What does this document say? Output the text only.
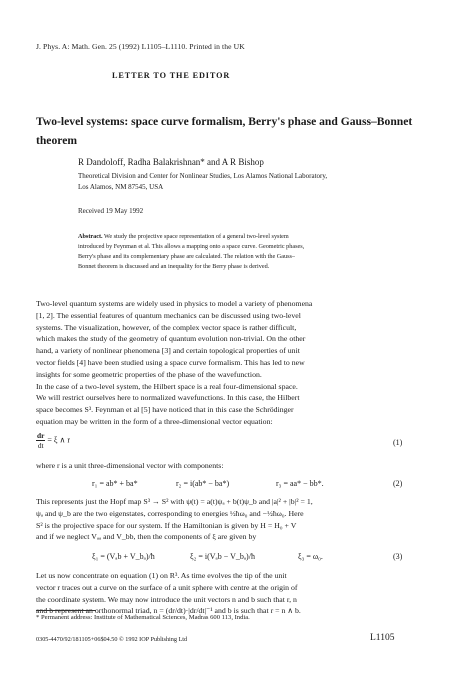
J. Phys. A: Math. Gen. 25 (1992) L1105–L1110. Printed in the UK
LETTER TO THE EDITOR
Two-level systems: space curve formalism, Berry's phase and Gauss–Bonnet theorem
R Dandoloff, Radha Balakrishnan* and A R Bishop
Theoretical Division and Center for Nonlinear Studies, Los Alamos National Laboratory,
Los Alamos, NM 87545, USA
Received 19 May 1992
Abstract. We study the projective space representation of a general two-level system
introduced by Feynman et al. This allows a mapping onto a space curve. Geometric phases,
Berry's phase and its complementary phase are calculated. The relation with the Gauss–
Bonnet theorem is discussed and an inequality for the Berry phase is derived.
Two-level quantum systems are widely used in physics to model a variety of phenomena
[1, 2]. The essential features of quantum mechanics can be discussed using two-level
systems. The visualization, however, of the complex vector space is rather difficult,
which makes the study of the geometry of quantum evolution non-trivial. On the other
hand, a variety of nonlinear phenomena [3] and certain topological properties of unit
vector fields [4] have been studied using a space curve formalism. This has led to new
insights for some geometric properties of the phase of the wavefunction.
In the case of a two-level system, the Hilbert space is a real four-dimensional space.
We will restrict ourselves here to normalized wavefunctions. In this case, the Hilbert
space becomes S³. Feynman et al [5] have noticed that in this case the Schrödinger
equation may be written in the form of a three-dimensional vector equation:
$\frac{dr}{dt} = \xi$ ∧ r	(1)
where r is a unit three-dimensional vector with components:
r₁ = ab* + ba*	r₂ = i(ab* − ba*)	r₃ = aa* − bb*.	(2)
This represents just the Hopf map S³ → S² with ψ(t) = a(t)ψₐ + b(t)ψ_b and |a|² + |b|² = 1,
ψₐ and ψ_b are the two eigenstates, corresponding to energies ½ħω₀ and −½ħω₀. Here
S² is the projective space for our system. If the Hamiltonian is given by H = H₀ + V
and if we neglect Vₐₐ and V_bb, then the components of ξ are given by
ξ₁ = (Vₐb + V_bₐ)/ħ	ξ₂ = i(Vₐb − V_bₐ)/ħ	ξ₃ = ω₀.	(3)
Let us now concentrate on equation (1) on R³. As time evolves the tip of the unit
vector r traces out a curve on the surface of a unit sphere with centre at the origin of
the coordinate system. We may now introduce the unit vectors n and b such that r, n
and b represent an orthonormal triad, n = (dr/dt)·|dr/dt|⁻¹ and b is such that r = n ∧ b.
* Permanent address: Institute of Mathematical Sciences, Madras 600 113, India.
0305-4470/92/181105+06$04.50 © 1992 IOP Publishing Ltd	L1105
